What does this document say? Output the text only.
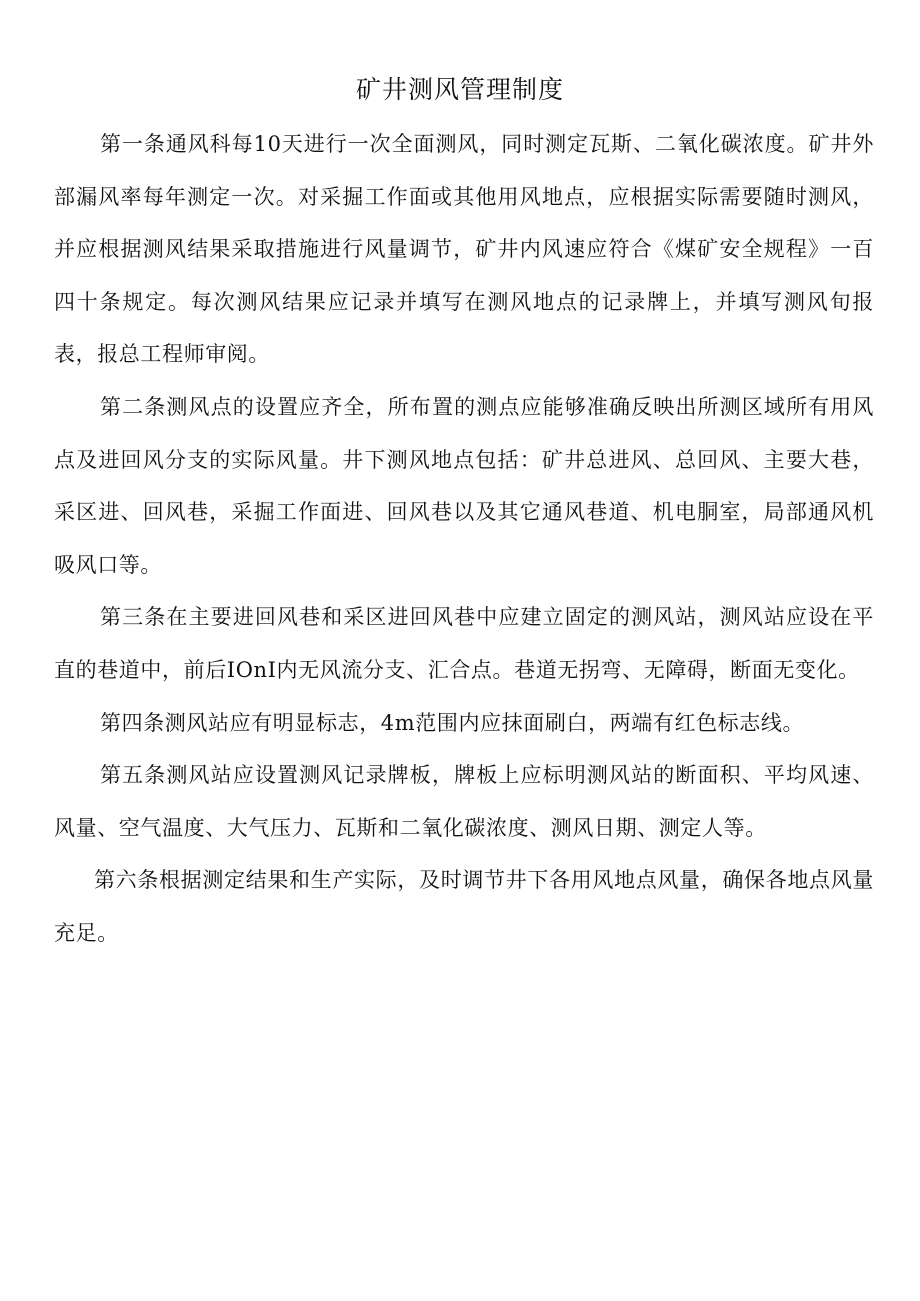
矿井测风管理制度

第一条通风科每10天进行一次全面测风，同时测定瓦斯、二氧化碳浓度。矿井外部漏风率每年测定一次。对采掘工作面或其他用风地点，应根据实际需要随时测风，并应根据测风结果采取措施进行风量调节，矿井内风速应符合《煤矿安全规程》一百四十条规定。每次测风结果应记录并填写在测风地点的记录牌上，并填写测风旬报表，报总工程师审阅。

第二条测风点的设置应齐全，所布置的测点应能够准确反映出所测区域所有用风点及进回风分支的实际风量。井下测风地点包括：矿井总进风、总回风、主要大巷，采区进、回风巷，采掘工作面进、回风巷以及其它通风巷道、机电胴室，局部通风机吸风口等。

第三条在主要进回风巷和采区进回风巷中应建立固定的测风站，测风站应设在平直的巷道中，前后IOnI内无风流分支、汇合点。巷道无拐弯、无障碍，断面无变化。

第四条测风站应有明显标志，4m范围内应抹面刷白，两端有红色标志线。

第五条测风站应设置测风记录牌板，牌板上应标明测风站的断面积、平均风速、风量、空气温度、大气压力、瓦斯和二氧化碳浓度、测风日期、测定人等。

第六条根据测定结果和生产实际，及时调节井下各用风地点风量，确保各地点风量充足。
